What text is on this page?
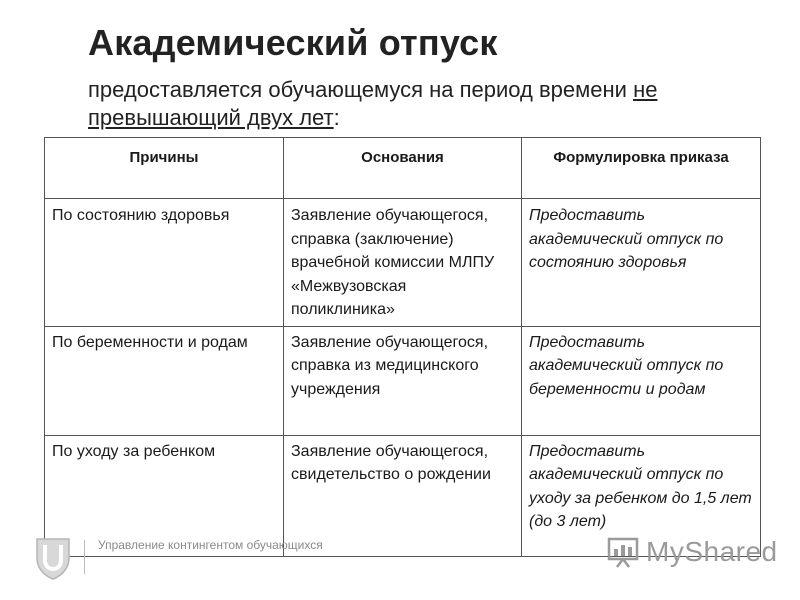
Академический отпуск
предоставляется обучающемуся на период времени не
превышающий двух лет:
Причины	Основания	Формулировка приказа
По состоянию здоровья	Заявление обучающегося, справка (заключение) врачебной комиссии МЛПУ «Межвузовская поликлиника»	Предоставить академический отпуск по состоянию здоровья
По беременности и родам	Заявление обучающегося, справка из медицинского учреждения	Предоставить академический отпуск по беременности и родам
По уходу за ребенком	Заявление обучающегося, свидетельство о рождении	Предоставить академический отпуск по уходу за ребенком до 1,5 лет (до 3 лет)
Управление контингентом обучающихся	MyShared
